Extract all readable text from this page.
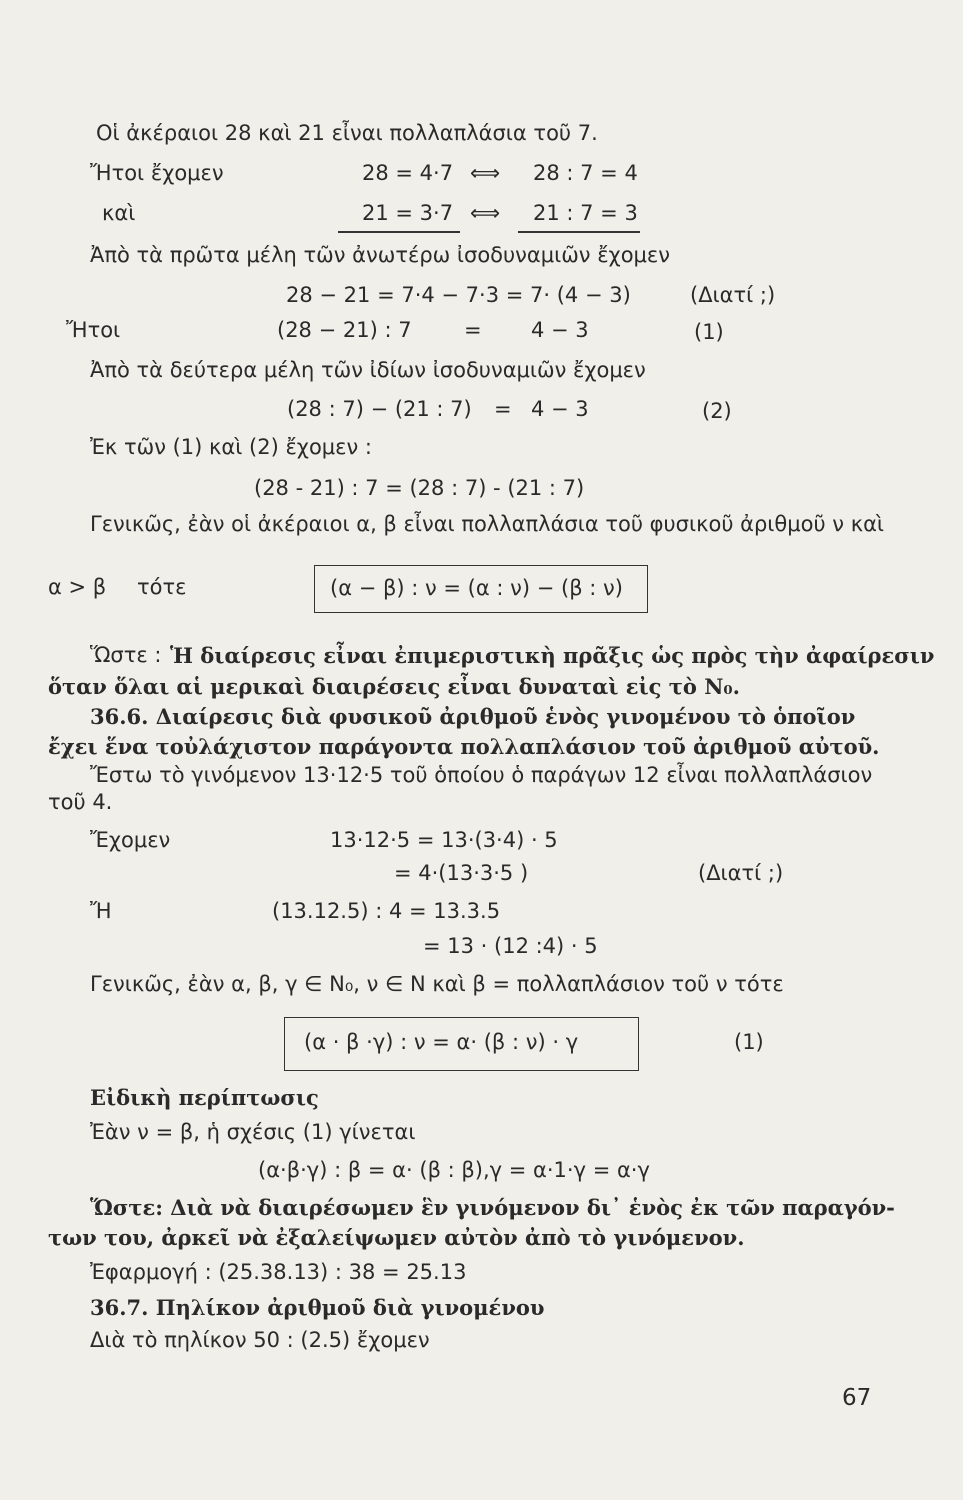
Οἱ ἀκέραιοι 28 καὶ 21 εἶναι πολλαπλάσια τοῦ 7.
Ἤτοι ἔχομεν	28 = 4·7 ⟺ 28 : 7 = 4
καὶ	21 = 3·7 ⟺ 21 : 7 = 3
Ἀπὸ τὰ πρῶτα μέλη τῶν ἀνωτέρω ἰσοδυναμιῶν ἔχομεν
28 − 21 = 7·4 − 7·3 = 7· (4 − 3)	(Διατί ;)
Ἤτοι	(28 − 21) : 7 = 4 − 3	(1)
Ἀπὸ τὰ δεύτερα μέλη τῶν ἰδίων ἰσοδυναμιῶν ἔχομεν
(28 : 7) − (21 : 7) = 4 − 3	(2)
Ἐκ τῶν (1) καὶ (2) ἔχομεν :
(28 - 21) : 7 = (28 : 7) - (21 : 7)
Γενικῶς, ἐὰν οἱ ἀκέραιοι α, β εἶναι πολλαπλάσια τοῦ φυσικοῦ ἀριθμοῦ ν καὶ
α > β τότε	(α − β) : ν = (α : ν) − (β : ν)
Ὥστε : Ἡ διαίρεσις εἶναι ἐπιμεριστικὴ πρᾶξις ὡς πρὸς τὴν ἀφαίρεσιν
ὅταν ὅλαι αἱ μερικαὶ διαιρέσεις εἶναι δυναταὶ εἰς τὸ N₀.
36.6. Διαίρεσις διὰ φυσικοῦ ἀριθμοῦ ἑνὸς γινομένου τὸ ὁποῖον
ἔχει ἕνα τοὐλάχιστον παράγοντα πολλαπλάσιον τοῦ ἀριθμοῦ αὐτοῦ.
Ἔστω τὸ γινόμενον 13·12·5 τοῦ ὁποίου ὁ παράγων 12 εἶναι πολλαπλάσιον
τοῦ 4.
Ἔχομεν	13·12·5 = 13·(3·4) · 5
= 4·(13·3·5 )	(Διατί ;)
Ἤ	(13.12.5) : 4 = 13.3.5
= 13 · (12 :4) · 5
Γενικῶς, ἐὰν α, β, γ ∈ N₀, ν ∈ N καὶ β = πολλαπλάσιον τοῦ ν τότε
(α · β ·γ) : ν = α· (β : ν) · γ	(1)
Εἰδικὴ περίπτωσις
Ἐὰν ν = β, ἡ σχέσις (1) γίνεται
(α·β·γ) : β = α· (β : β),γ = α·1·γ = α·γ
Ὥστε: Διὰ νὰ διαιρέσωμεν ἓν γινόμενον δι᾽ ἑνὸς ἐκ τῶν παραγόν-
των του, ἀρκεῖ νὰ ἐξαλείψωμεν αὐτὸν ἀπὸ τὸ γινόμενον.
Ἐφαρμογή : (25.38.13) : 38 = 25.13
36.7. Πηλίκον ἀριθμοῦ διὰ γινομένου
Διὰ τὸ πηλίκον 50 : (2.5) ἔχομεν
67
